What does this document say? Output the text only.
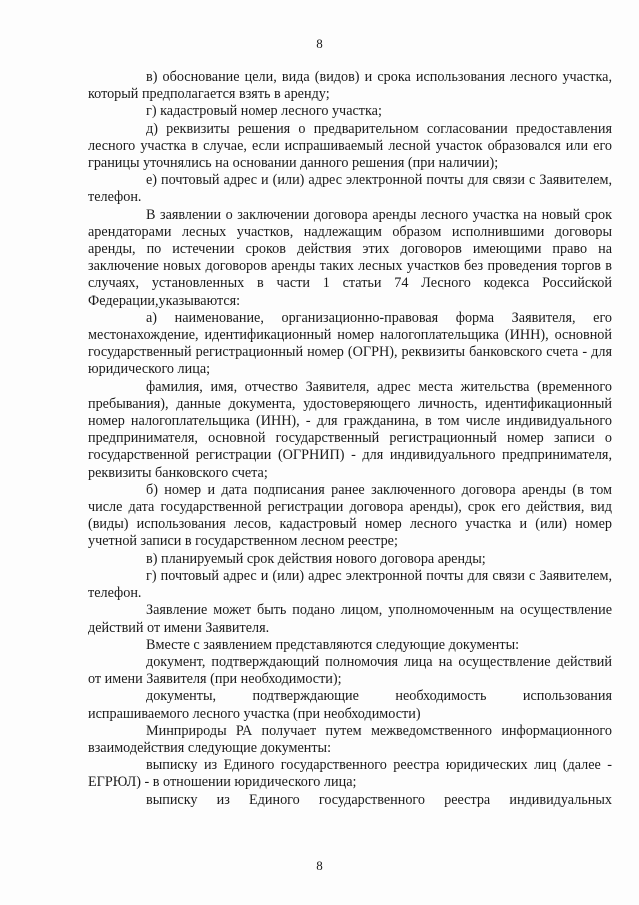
8

в) обоснование цели, вида (видов) и срока использования лесного участка, который предполагается взять в аренду;

г) кадастровый номер лесного участка;

д) реквизиты решения о предварительном согласовании предоставления лесного участка в случае, если испрашиваемый лесной участок образовался или его границы уточнялись на основании данного решения (при наличии);

е) почтовый адрес и (или) адрес электронной почты для связи с Заявителем, телефон.

В заявлении о заключении договора аренды лесного участка на новый срок арендаторами лесных участков, надлежащим образом исполнившими договоры аренды, по истечении сроков действия этих договоров имеющими право на заключение новых договоров аренды таких лесных участков без проведения торгов в случаях, установленных в части 1 статьи 74 Лесного кодекса Российской Федерации,указываются:

а) наименование, организационно-правовая форма Заявителя, его местонахождение, идентификационный номер налогоплательщика (ИНН), основной государственный регистрационный номер (ОГРН), реквизиты банковского счета - для юридического лица;

фамилия, имя, отчество Заявителя, адрес места жительства (временного пребывания), данные документа, удостоверяющего личность, идентификационный номер налогоплательщика (ИНН), - для гражданина, в том числе индивидуального предпринимателя, основной государственный регистрационный номер записи о государственной регистрации (ОГРНИП) - для индивидуального предпринимателя, реквизиты банковского счета;

б) номер и дата подписания ранее заключенного договора аренды (в том числе дата государственной регистрации договора аренды), срок его действия, вид (виды) использования лесов, кадастровый номер лесного участка и (или) номер учетной записи в государственном лесном реестре;

в) планируемый срок действия нового договора аренды;

г) почтовый адрес и (или) адрес электронной почты для связи с Заявителем, телефон.

Заявление может быть подано лицом, уполномоченным на осуществление действий от имени Заявителя.

Вместе с заявлением представляются следующие документы:

документ, подтверждающий полномочия лица на осуществление действий от имени Заявителя (при необходимости);

документы, подтверждающие необходимость использования испрашиваемого лесного участка (при необходимости)

Минприроды РА получает путем межведомственного информационного взаимодействия следующие документы:

выписку из Единого государственного реестра юридических лиц (далее - ЕГРЮЛ) - в отношении юридического лица;

выписку из Единого государственного реестра индивидуальных

8
